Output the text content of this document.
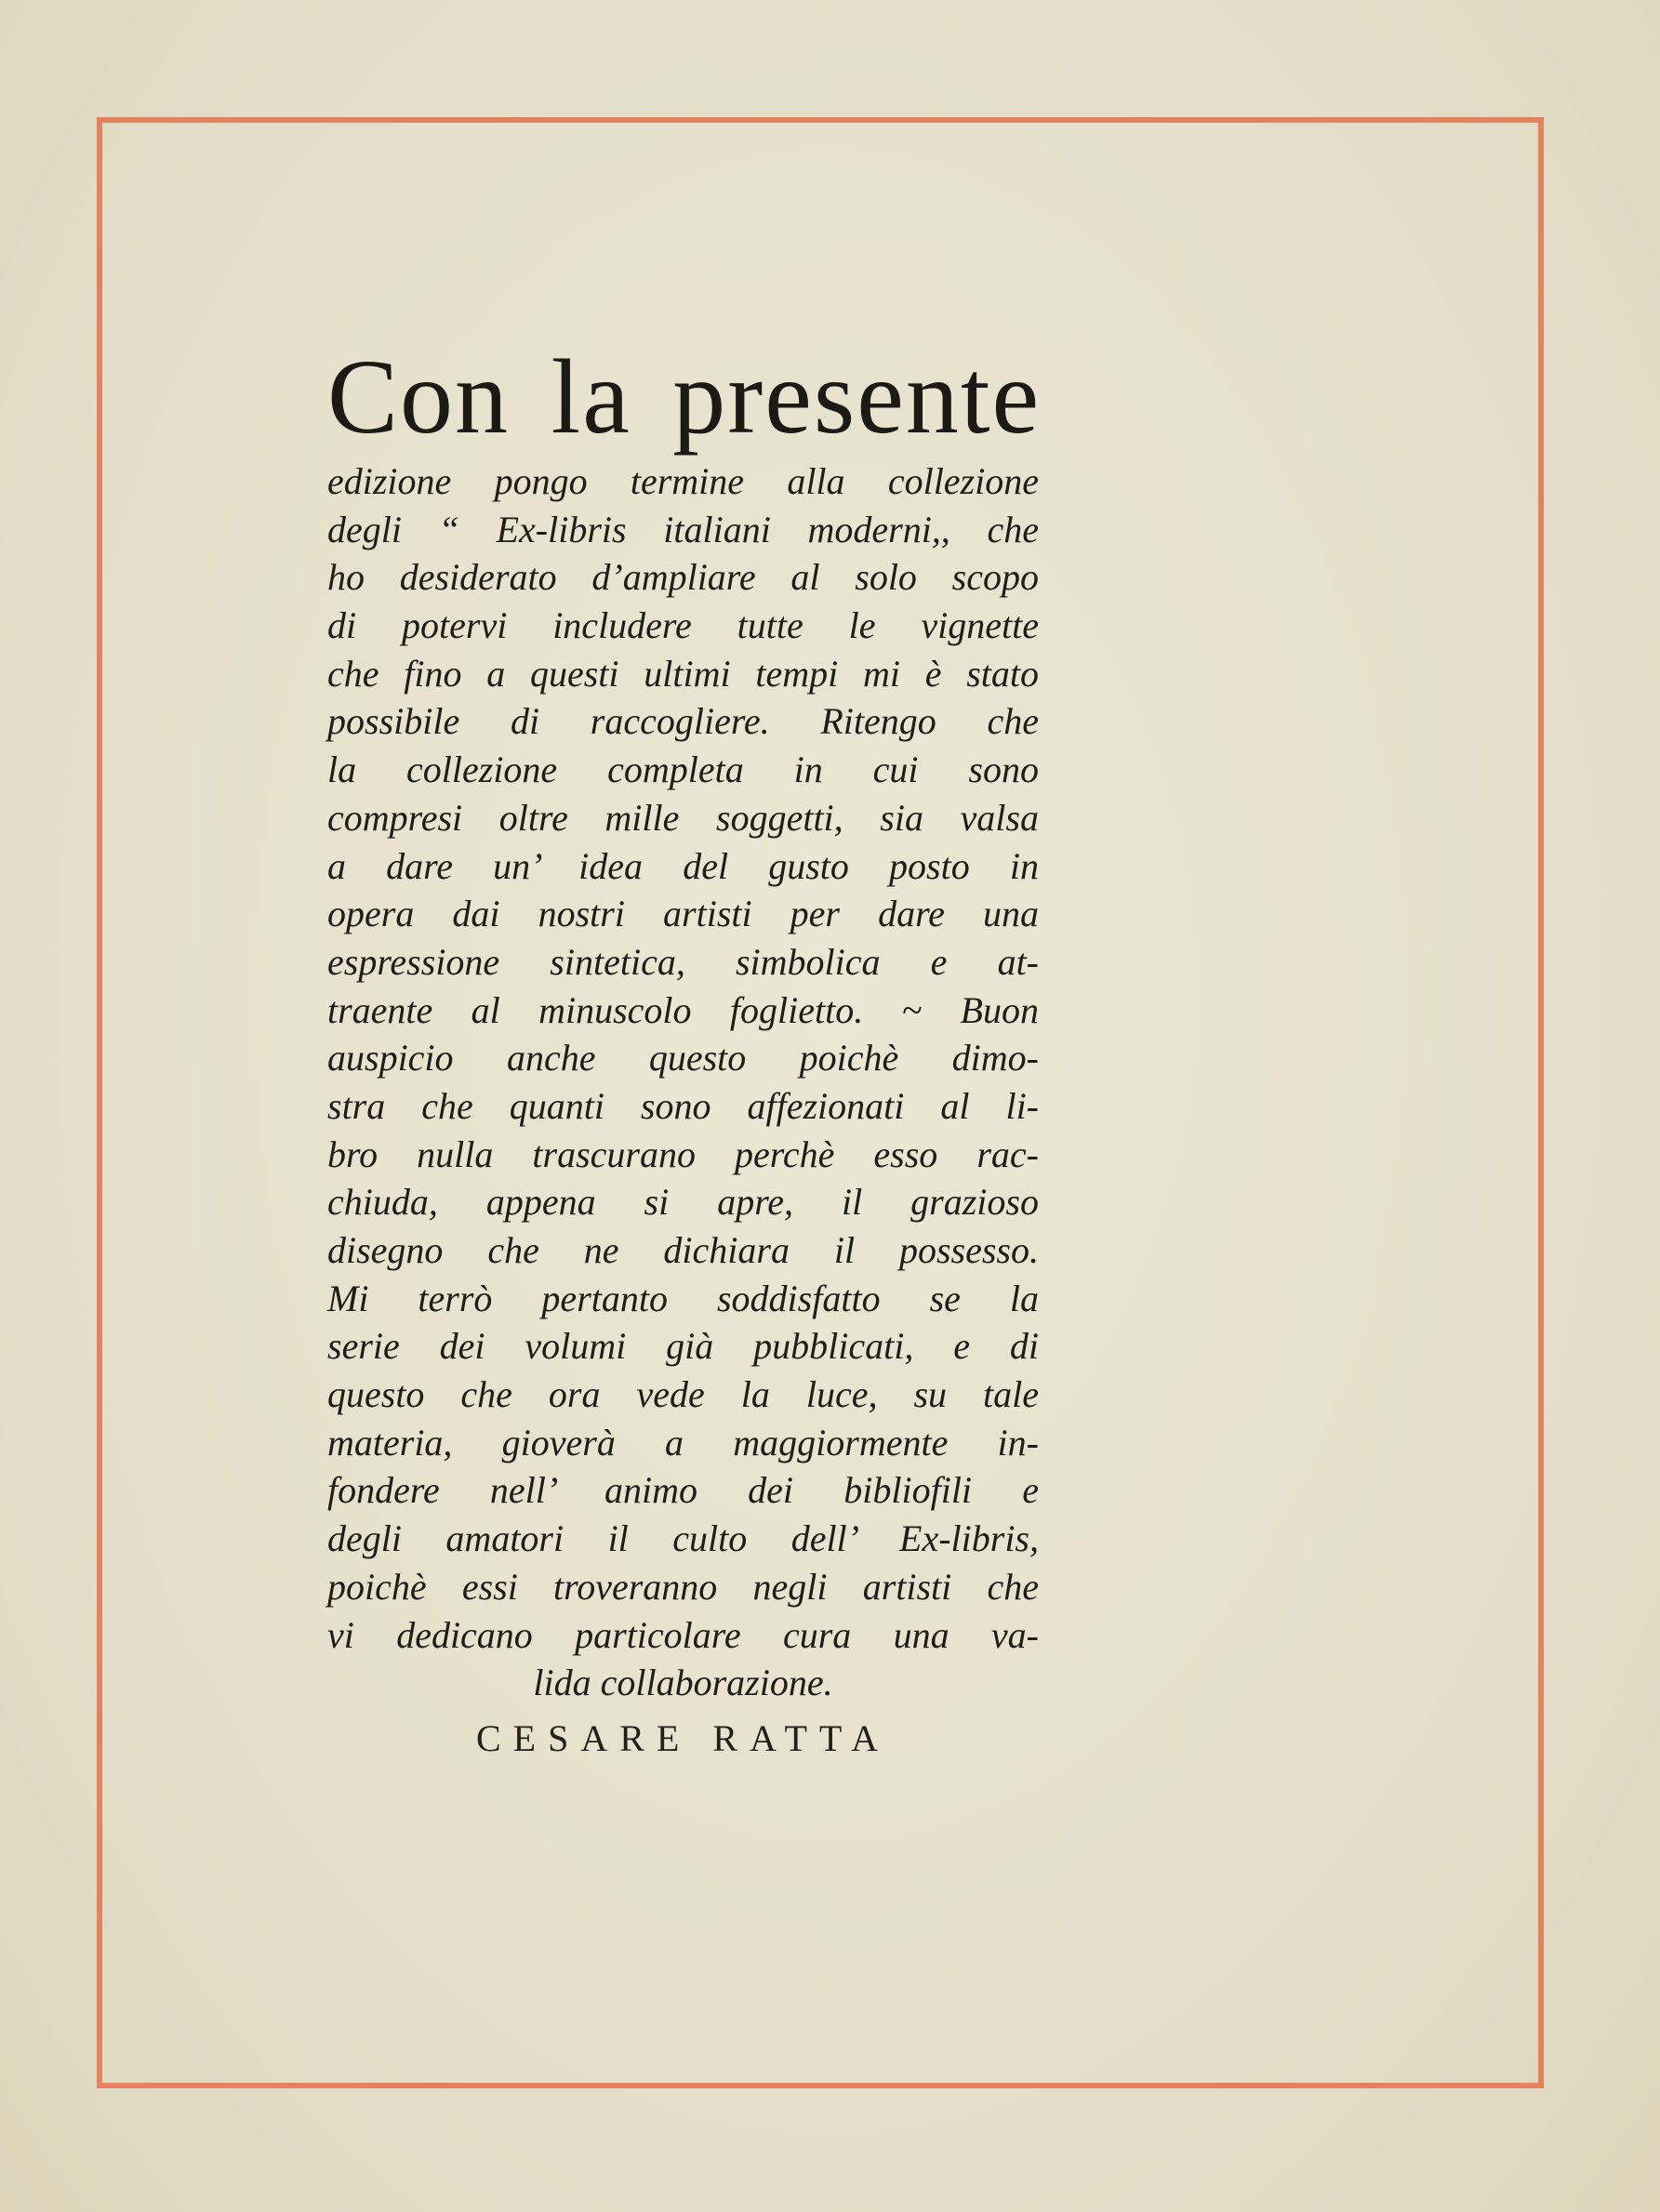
Con la presente
edizione pongo termine alla collezione
degli “ Ex-libris italiani moderni,, che
ho desiderato d’ampliare al solo scopo
di potervi includere tutte le vignette
che fino a questi ultimi tempi mi è stato
possibile di raccogliere. Ritengo che
la collezione completa in cui sono
compresi oltre mille soggetti, sia valsa
a dare un’ idea del gusto posto in
opera dai nostri artisti per dare una
espressione sintetica, simbolica e at-
traente al minuscolo foglietto. ~ Buon
auspicio anche questo poichè dimo-
stra che quanti sono affezionati al li-
bro nulla trascurano perchè esso rac-
chiuda, appena si apre, il grazioso
disegno che ne dichiara il possesso.
Mi terrò pertanto soddisfatto se la
serie dei volumi già pubblicati, e di
questo che ora vede la luce, su tale
materia, gioverà a maggiormente in-
fondere nell’ animo dei bibliofili e
degli amatori il culto dell’ Ex-libris,
poichè essi troveranno negli artisti che
vi dedicano particolare cura una va-
lida collaborazione.
CESARE RATTA
